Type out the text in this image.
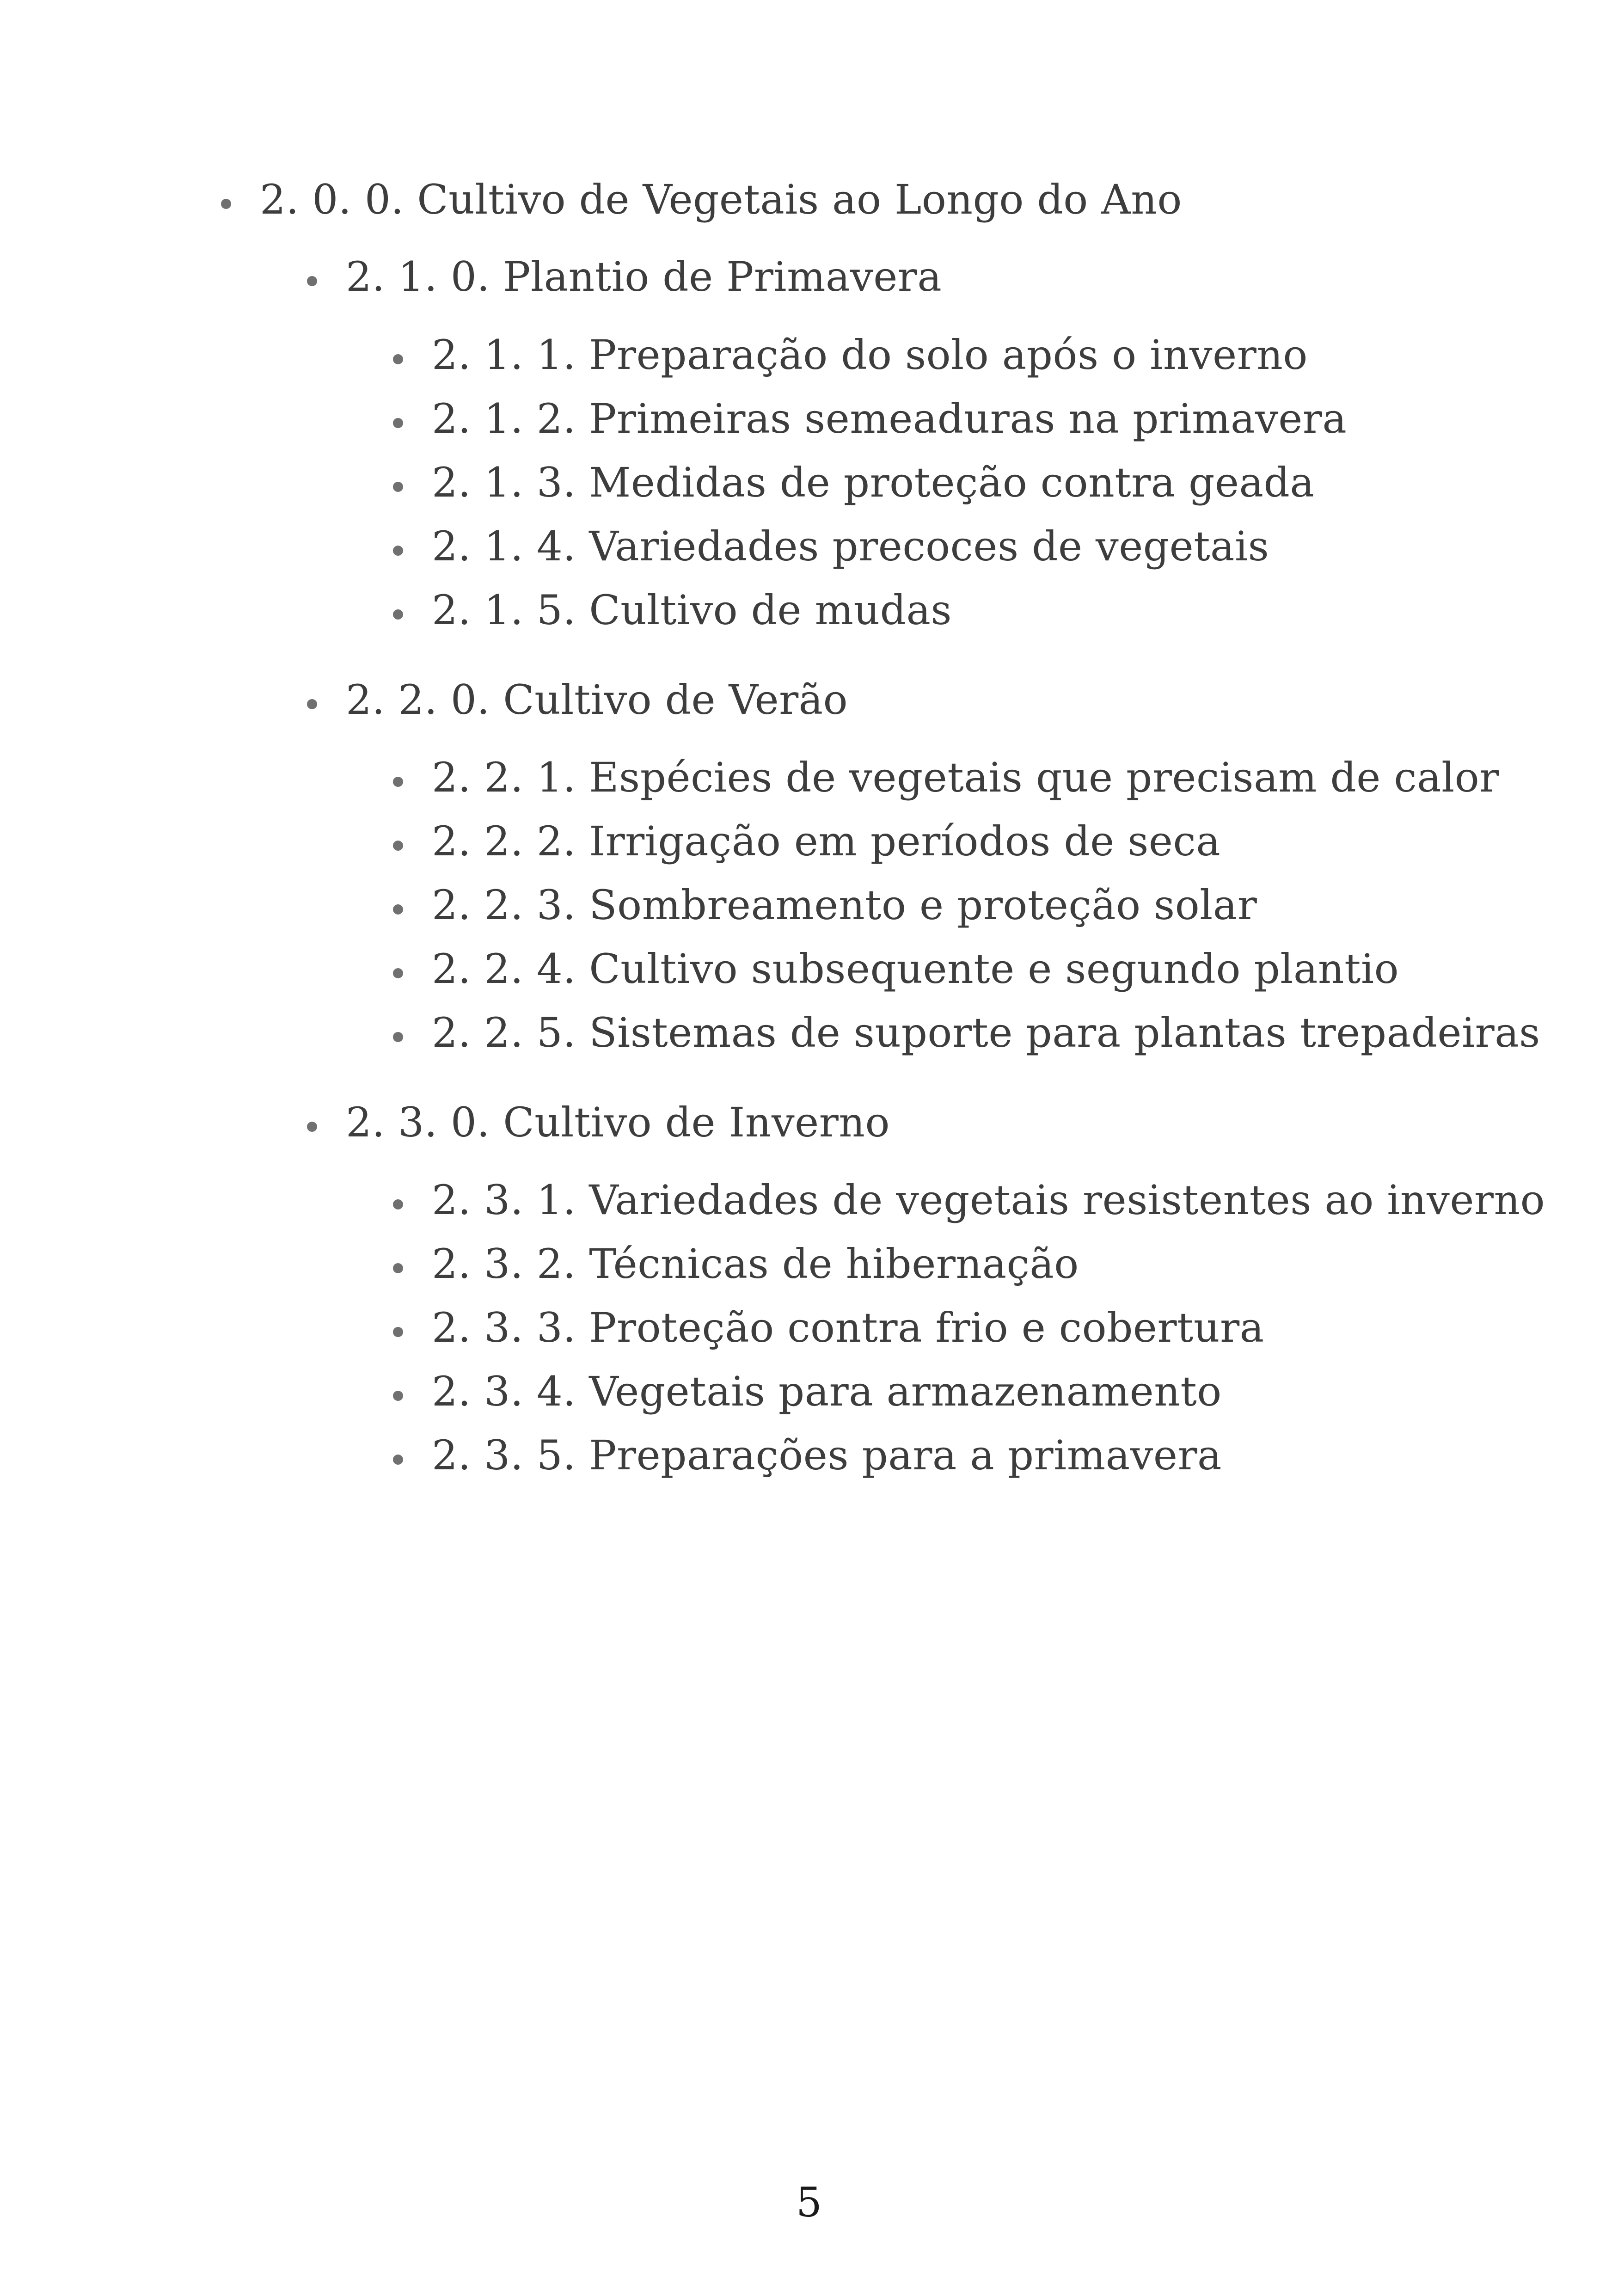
2. 0. 0. Cultivo de Vegetais ao Longo do Ano
2. 1. 0. Plantio de Primavera
2. 1. 1. Preparação do solo após o inverno
2. 1. 2. Primeiras semeaduras na primavera
2. 1. 3. Medidas de proteção contra geada
2. 1. 4. Variedades precoces de vegetais
2. 1. 5. Cultivo de mudas
2. 2. 0. Cultivo de Verão
2. 2. 1. Espécies de vegetais que precisam de calor
2. 2. 2. Irrigação em períodos de seca
2. 2. 3. Sombreamento e proteção solar
2. 2. 4. Cultivo subsequente e segundo plantio
2. 2. 5. Sistemas de suporte para plantas trepadeiras
2. 3. 0. Cultivo de Inverno
2. 3. 1. Variedades de vegetais resistentes ao inverno
2. 3. 2. Técnicas de hibernação
2. 3. 3. Proteção contra frio e cobertura
2. 3. 4. Vegetais para armazenamento
2. 3. 5. Preparações para a primavera
5
